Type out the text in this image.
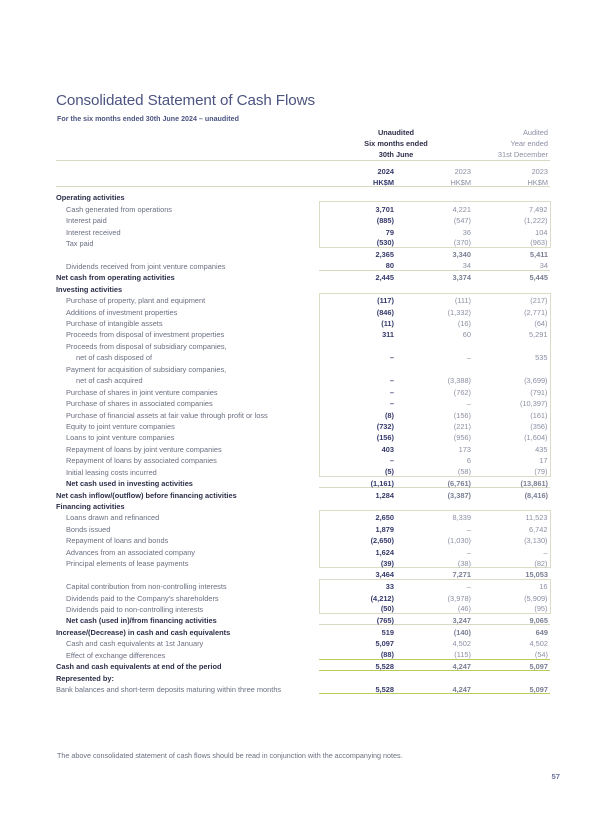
Consolidated Statement of Cash Flows
For the six months ended 30th June 2024 – unaudited
	Unaudited		Audited
	Six months ended		Year ended
	30th June		31st December

	2024	2023	2023
	HK$M	HK$M	HK$M

Operating activities			
Cash generated from operations	3,701	4,221	7,492
Interest paid	(885)	(547)	(1,222)
Interest received	79	36	104
Tax paid	(530)	(370)	(963)
	2,365	3,340	5,411
Dividends received from joint venture companies	80	34	34
Net cash from operating activities	2,445	3,374	5,445
Investing activities			
Purchase of property, plant and equipment	(117)	(111)	(217)
Additions of investment properties	(846)	(1,332)	(2,771)
Purchase of intangible assets	(11)	(16)	(64)
Proceeds from disposal of investment properties	311	60	5,291
Proceeds from disposal of subsidiary companies,			
net of cash disposed of	–	–	535
Payment for acquisition of subsidiary companies,			
net of cash acquired	–	(3,388)	(3,699)
Purchase of shares in joint venture companies	–	(762)	(791)
Purchase of shares in associated companies	–	–	(10,397)
Purchase of financial assets at fair value through profit or loss	(8)	(156)	(161)
Equity to joint venture companies	(732)	(221)	(356)
Loans to joint venture companies	(156)	(956)	(1,604)
Repayment of loans by joint venture companies	403	173	435
Repayment of loans by associated companies	–	6	17
Initial leasing costs incurred	(5)	(58)	(79)
Net cash used in investing activities	(1,161)	(6,761)	(13,861)
Net cash inflow/(outflow) before financing activities	1,284	(3,387)	(8,416)
Financing activities			
Loans drawn and refinanced	2,650	8,339	11,523
Bonds issued	1,879	–	6,742
Repayment of loans and bonds	(2,650)	(1,030)	(3,130)
Advances from an associated company	1,624	–	–
Principal elements of lease payments	(39)	(38)	(82)
	3,464	7,271	15,053
Capital contribution from non-controlling interests	33	–	16
Dividends paid to the Company's shareholders	(4,212)	(3,978)	(5,909)
Dividends paid to non-controlling interests	(50)	(46)	(95)
Net cash (used in)/from financing activities	(765)	3,247	9,065
Increase/(Decrease) in cash and cash equivalents	519	(140)	649
Cash and cash equivalents at 1st January	5,097	4,502	4,502
Effect of exchange differences	(88)	(115)	(54)
Cash and cash equivalents at end of the period	5,528	4,247	5,097
Represented by:			
Bank balances and short-term deposits maturing within three months	5,528	4,247	5,097
The above consolidated statement of cash flows should be read in conjunction with the accompanying notes.
57
